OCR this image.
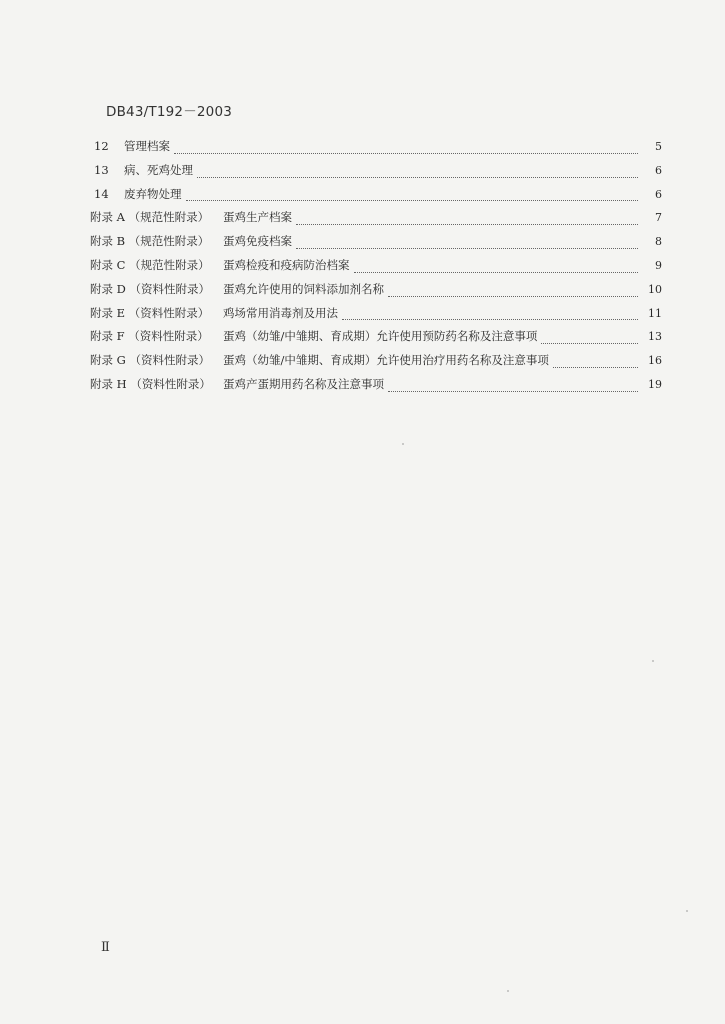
DB43/T192－2003
12	管理档案	5
13	病、死鸡处理	6
14	废弃物处理	6
附录 A （规范性附录）	蛋鸡生产档案	7
附录 B （规范性附录）	蛋鸡免疫档案	8
附录 C （规范性附录）	蛋鸡检疫和疫病防治档案	9
附录 D （资料性附录）	蛋鸡允许使用的饲料添加剂名称	10
附录 E （资料性附录）	鸡场常用消毒剂及用法	11
附录 F （资料性附录）	蛋鸡（幼雏/中雏期、育成期）允许使用预防药名称及注意事项	13
附录 G （资料性附录）	蛋鸡（幼雏/中雏期、育成期）允许使用治疗用药名称及注意事项	16
附录 H （资料性附录）	蛋鸡产蛋期用药名称及注意事项	19
Ⅱ
